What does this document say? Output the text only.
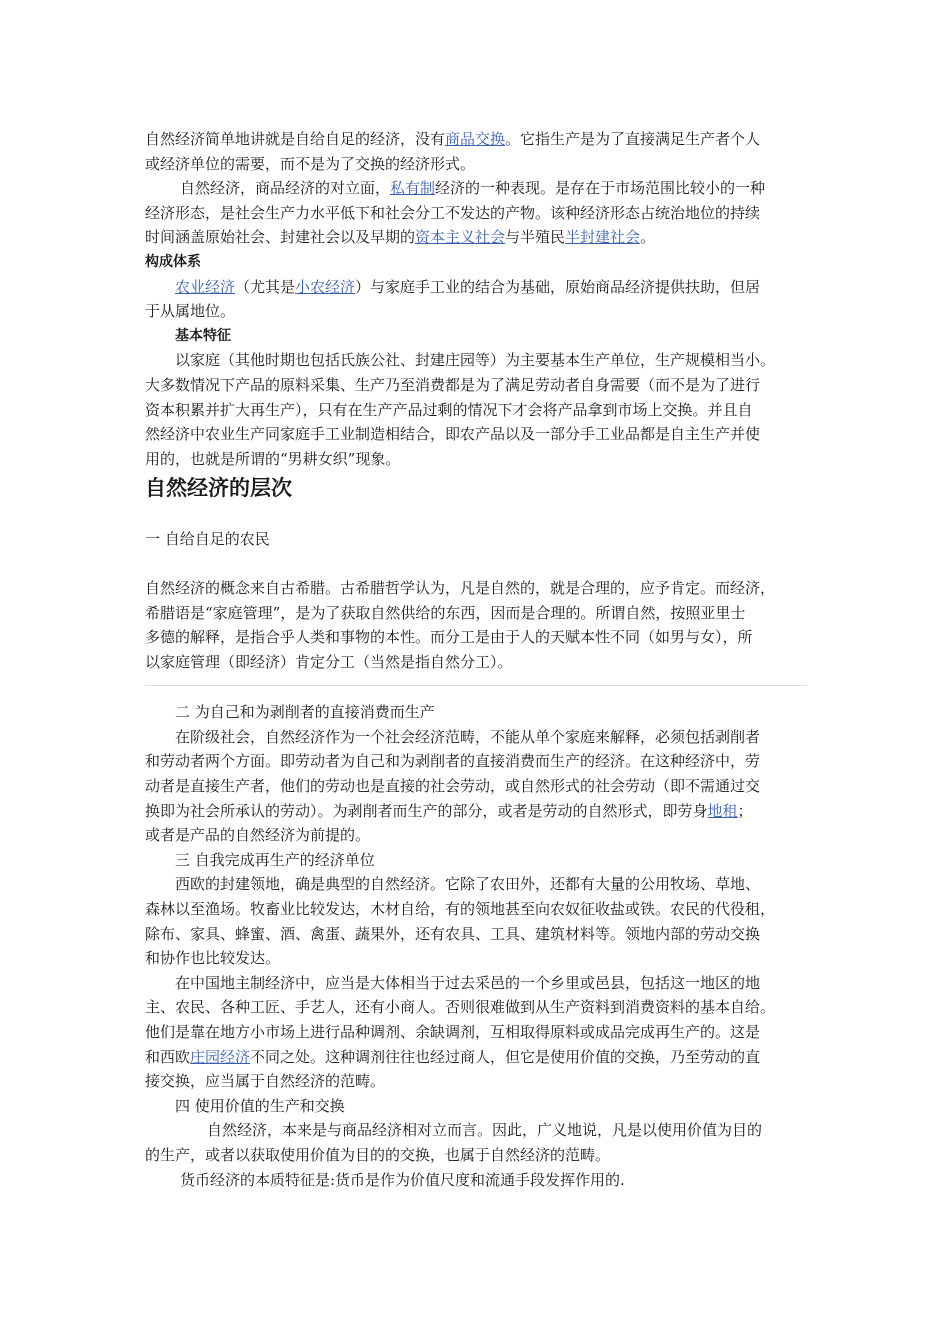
自然经济简单地讲就是自给自足的经济，没有商品交换。它指生产是为了直接满足生产者个人
或经济单位的需要，而不是为了交换的经济形式。
自然经济，商品经济的对立面，私有制经济的一种表现。是存在于市场范围比较小的一种
经济形态，是社会生产力水平低下和社会分工不发达的产物。该种经济形态占统治地位的持续
时间涵盖原始社会、封建社会以及早期的资本主义社会与半殖民半封建社会。
构成体系
农业经济（尤其是小农经济）与家庭手工业的结合为基础，原始商品经济提供扶助，但居
于从属地位。
基本特征
以家庭（其他时期也包括氏族公社、封建庄园等）为主要基本生产单位，生产规模相当小。
大多数情况下产品的原料采集、生产乃至消费都是为了满足劳动者自身需要（而不是为了进行
资本积累并扩大再生产），只有在生产产品过剩的情况下才会将产品拿到市场上交换。并且自
然经济中农业生产同家庭手工业制造相结合，即农产品以及一部分手工业品都是自主生产并使
用的，也就是所谓的“男耕女织”现象。
自然经济的层次
一 自给自足的农民
自然经济的概念来自古希腊。古希腊哲学认为，凡是自然的，就是合理的，应予肯定。而经济，
希腊语是“家庭管理”，是为了获取自然供给的东西，因而是合理的。所谓自然，按照亚里士
多德的解释，是指合乎人类和事物的本性。而分工是由于人的天赋本性不同（如男与女），所
以家庭管理（即经济）肯定分工（当然是指自然分工）。
二 为自己和为剥削者的直接消费而生产
在阶级社会，自然经济作为一个社会经济范畴，不能从单个家庭来解释，必须包括剥削者
和劳动者两个方面。即劳动者为自己和为剥削者的直接消费而生产的经济。在这种经济中，劳
动者是直接生产者，他们的劳动也是直接的社会劳动，或自然形式的社会劳动（即不需通过交
换即为社会所承认的劳动）。为剥削者而生产的部分，或者是劳动的自然形式，即劳身地租；
或者是产品的自然经济为前提的。
三 自我完成再生产的经济单位
西欧的封建领地，确是典型的自然经济。它除了农田外，还都有大量的公用牧场、草地、
森林以至渔场。牧畜业比较发达，木材自给，有的领地甚至向农奴征收盐或铁。农民的代役租，
除布、家具、蜂蜜、酒、禽蛋、蔬果外，还有农具、工具、建筑材料等。领地内部的劳动交换
和协作也比较发达。
在中国地主制经济中，应当是大体相当于过去采邑的一个乡里或邑县，包括这一地区的地
主、农民、各种工匠、手艺人，还有小商人。否则很难做到从生产资料到消费资料的基本自给。
他们是靠在地方小市场上进行品种调剂、余缺调剂，互相取得原料或成品完成再生产的。这是
和西欧庄园经济不同之处。这种调剂往往也经过商人，但它是使用价值的交换，乃至劳动的直
接交换，应当属于自然经济的范畴。
四 使用价值的生产和交换
自然经济，本来是与商品经济相对立而言。因此，广义地说，凡是以使用价值为目的
的生产，或者以获取使用价值为目的的交换，也属于自然经济的范畴。
货币经济的本质特征是:货币是作为价值尺度和流通手段发挥作用的.
